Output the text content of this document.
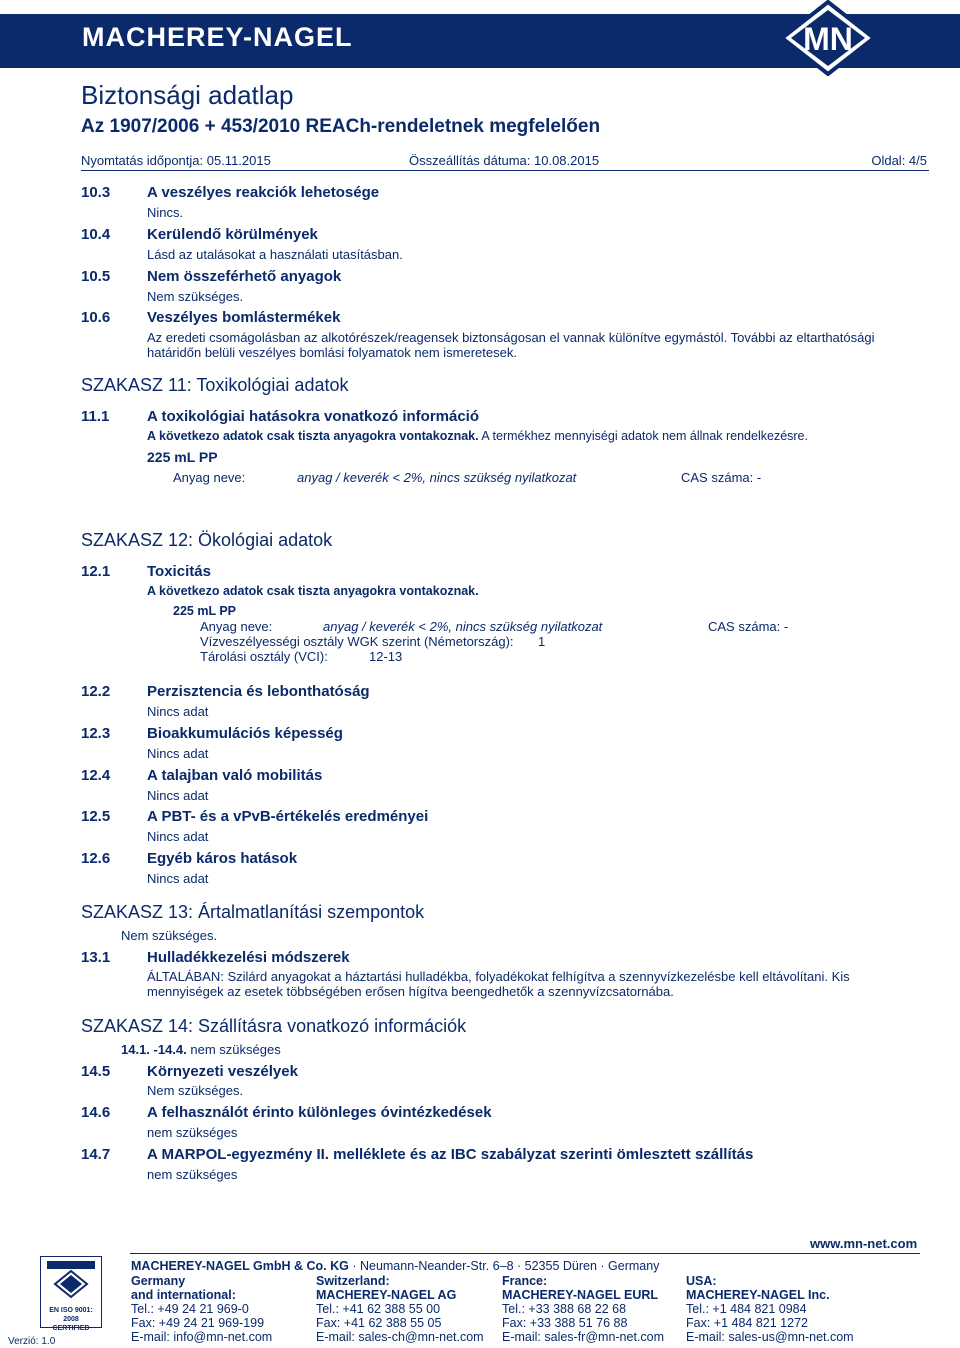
MACHEREY-NAGEL	MN
Biztonsági adatlap
Az 1907/2006 + 453/2010 REACh-rendeletnek megfelelően
Nyomtatás időpontja: 05.11.2015	Összeállítás dátuma: 10.08.2015	Oldal: 4/5
10.3 A veszélyes reakciók lehetosége
Nincs.
10.4 Kerülendő körülmények
Lásd az utalásokat a használati utasításban.
10.5 Nem összeférhető anyagok
Nem szükséges.
10.6 Veszélyes bomlástermékek
Az eredeti csomágolásban az alkotórészek/reagensek biztonságosan el vannak különítve egymástól. További az eltarthatósági
határidőn belüli veszélyes bomlási folyamatok nem ismeretesek.
SZAKASZ 11: Toxikológiai adatok
11.1	A toxikológiai hatásokra vonatkozó információ
A következo adatok csak tiszta anyagokra vontakoznak. A termékhez mennyiségi adatok nem állnak rendelkezésre.
225 mL PP
Anyag neve:	anyag / keverék < 2%, nincs szükség nyilatkozat	CAS száma: -
SZAKASZ 12: Ökológiai adatok
12.1 Toxicitás
A következo adatok csak tiszta anyagokra vontakoznak.
225 mL PP
Anyag neve:	anyag / keverék < 2%, nincs szükség nyilatkozat	CAS száma: -
Vízveszélyességi osztály WGK szerint (Németország): 1
Tárolási osztály (VCI):	12-13
12.2 Perzisztencia és lebonthatóság
Nincs adat
12.3 Bioakkumulációs képesség
Nincs adat
12.4 A talajban való mobilitás
Nincs adat
12.5 A PBT- és a vPvB-értékelés eredményei
Nincs adat
12.6 Egyéb káros hatások
Nincs adat
SZAKASZ 13: Ártalmatlanítási szempontok
Nem szükséges.
13.1 Hulladékkezelési módszerek
ÁLTALÁBAN: Szilárd anyagokat a háztartási hulladékba, folyadékokat felhígítva a szennyvízkezelésbe kell eltávolítani. Kis
mennyiségek az esetek többségében erősen hígítva beengedhetők a szennyvízcsatornába.
SZAKASZ 14: Szállításra vonatkozó információk
14.1. -14.4. nem szükséges
14.5 Környezeti veszélyek
Nem szükséges.
14.6 A felhasználót érinto különleges óvintézkedések
nem szükséges
14.7 A MARPOL-egyezmény II. melléklete és az IBC szabályzat szerinti ömlesztett szállítás
nem szükséges
www.mn-net.com
EN ISO 9001: 2008
CERTIFIED
Verzió: 1.0
MACHEREY-NAGEL GmbH & Co. KG · Neumann-Neander-Str. 6–8 · 52355 Düren · Germany
Germany
and international:
Tel.: +49 24 21 969-0
Fax: +49 24 21 969-199
E-mail: info@mn-net.com
Switzerland:
MACHEREY-NAGEL AG
Tel.: +41 62 388 55 00
Fax: +41 62 388 55 05
E-mail: sales-ch@mn-net.com
France:
MACHEREY-NAGEL EURL
Tel.: +33 388 68 22 68
Fax: +33 388 51 76 88
E-mail: sales-fr@mn-net.com
USA:
MACHEREY-NAGEL Inc.
Tel.: +1 484 821 0984
Fax: +1 484 821 1272
E-mail: sales-us@mn-net.com
